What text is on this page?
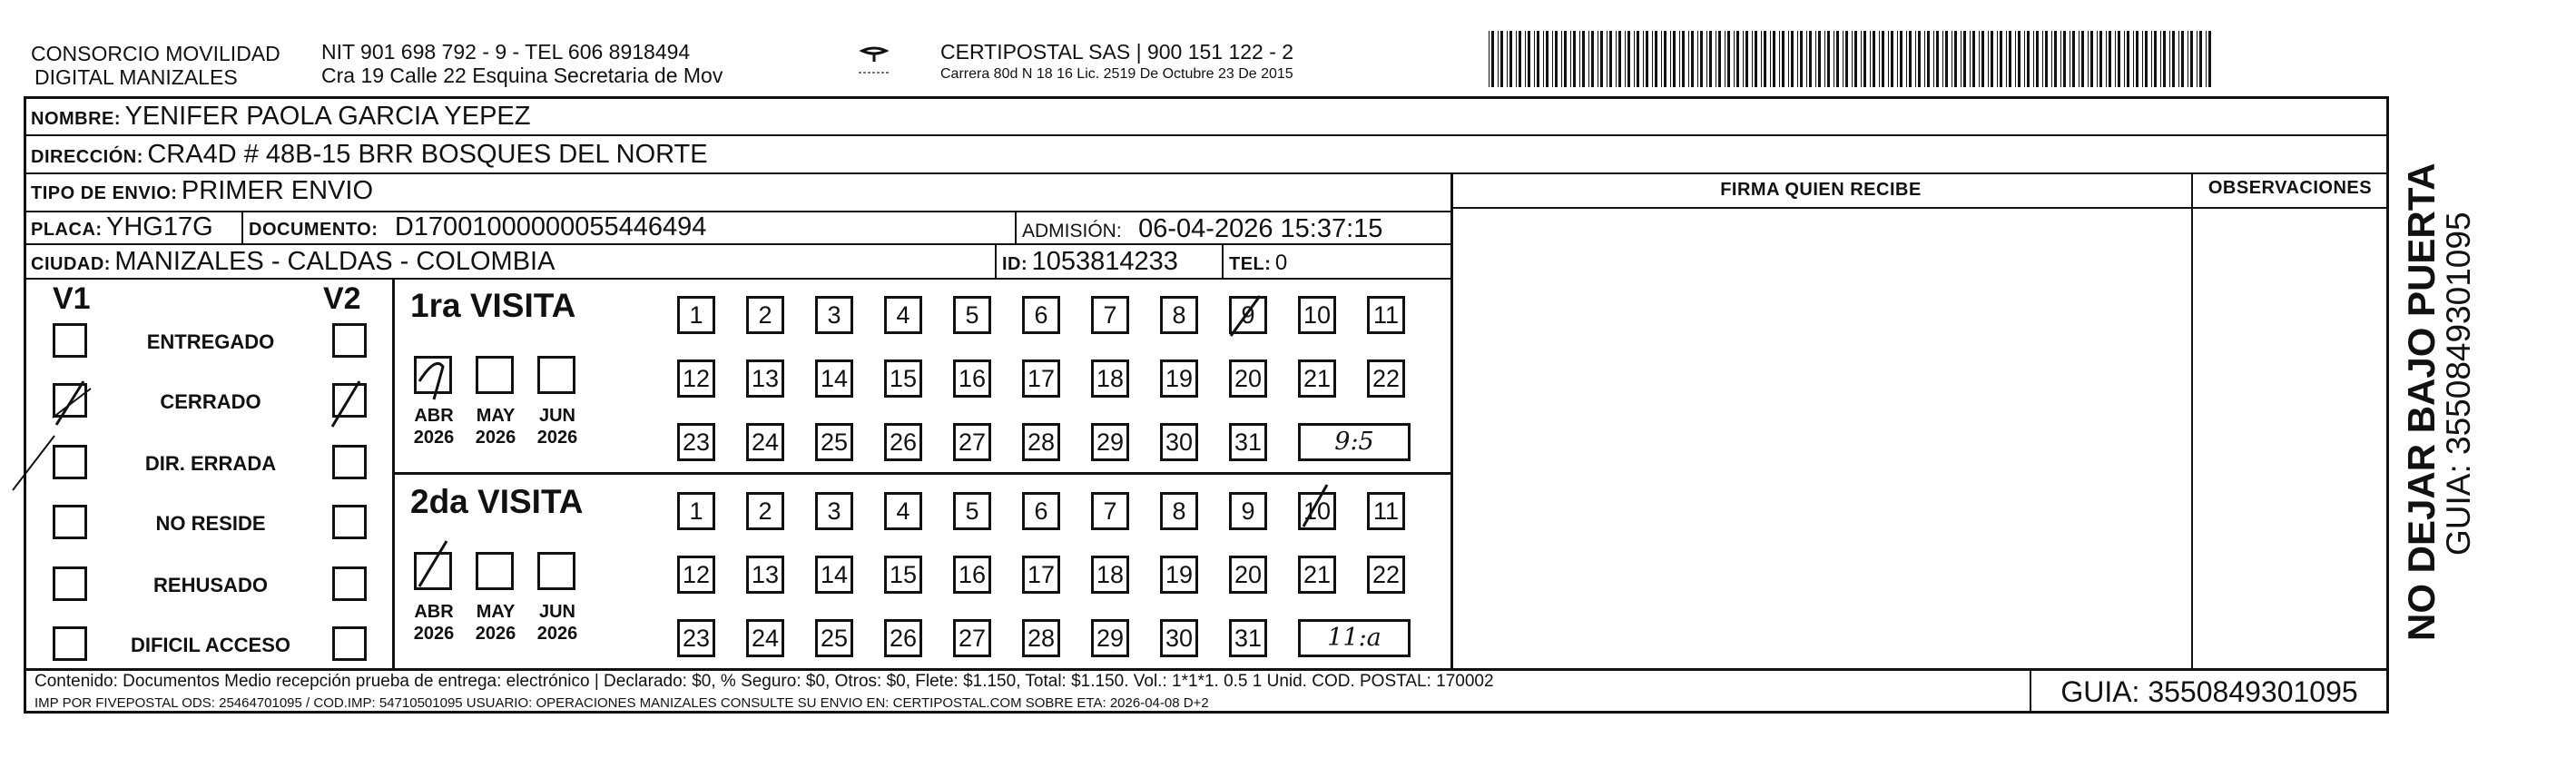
CONSORCIO MOVILIDAD
DIGITAL MANIZALES
NIT 901 698 792 - 9 - TEL 606 8918494
Cra 19 Calle 22 Esquina Secretaria de Mov
CERTIPOSTAL SAS | 900 151 122 - 2
Carrera 80d N 18 16 Lic. 2519 De Octubre 23 De 2015
NOMBRE: YENIFER PAOLA GARCIA YEPEZ
DIRECCIÓN: CRA4D # 48B-15 BRR BOSQUES DEL NORTE
TIPO DE ENVIO: PRIMER ENVIO	FIRMA QUIEN RECIBE	OBSERVACIONES
PLACA: YHG17G DOCUMENTO: D17001000000055446494	ADMISIÓN: 06-04-2026 15:37:15
CIUDAD: MANIZALES - CALDAS - COLOMBIA	ID: 1053814233	TEL: 0
V1	V2
ENTREGADO
CERRADO
DIR. ERRADA
NO RESIDE
REHUSADO
DIFICIL ACCESO
1ra VISITA
ABR
2026
MAY
2026
JUN
2026
1	2	3	4	5	6	7	8	9	10 11
12 13 14 15 16 17 18 19 20 21 22
23 24 25 26 27 28 29 30 31	9:5
2da VISITA
ABR
2026
MAY
2026
JUN
2026
1	2	3	4	5	6	7	8	9	10 11
12 13 14 15 16 17 18 19 20 21 22
23 24 25 26 27 28 29 30 31	11:a
Contenido: Documentos Medio recepción prueba de entrega: electrónico | Declarado: $0, % Seguro: $0, Otros: $0, Flete: $1.150, Total: $1.150. Vol.: 1*1*1. 0.5 1 Unid. COD. POSTAL: 170002
IMP POR FIVEPOSTAL ODS: 25464701095 / COD.IMP: 54710501095 USUARIO: OPERACIONES MANIZALES CONSULTE SU ENVIO EN: CERTIPOSTAL.COM SOBRE ETA: 2026-04-08 D+2	GUIA: 3550849301095
NO DEJAR BAJO PUERTA
GUIA: 3550849301095
